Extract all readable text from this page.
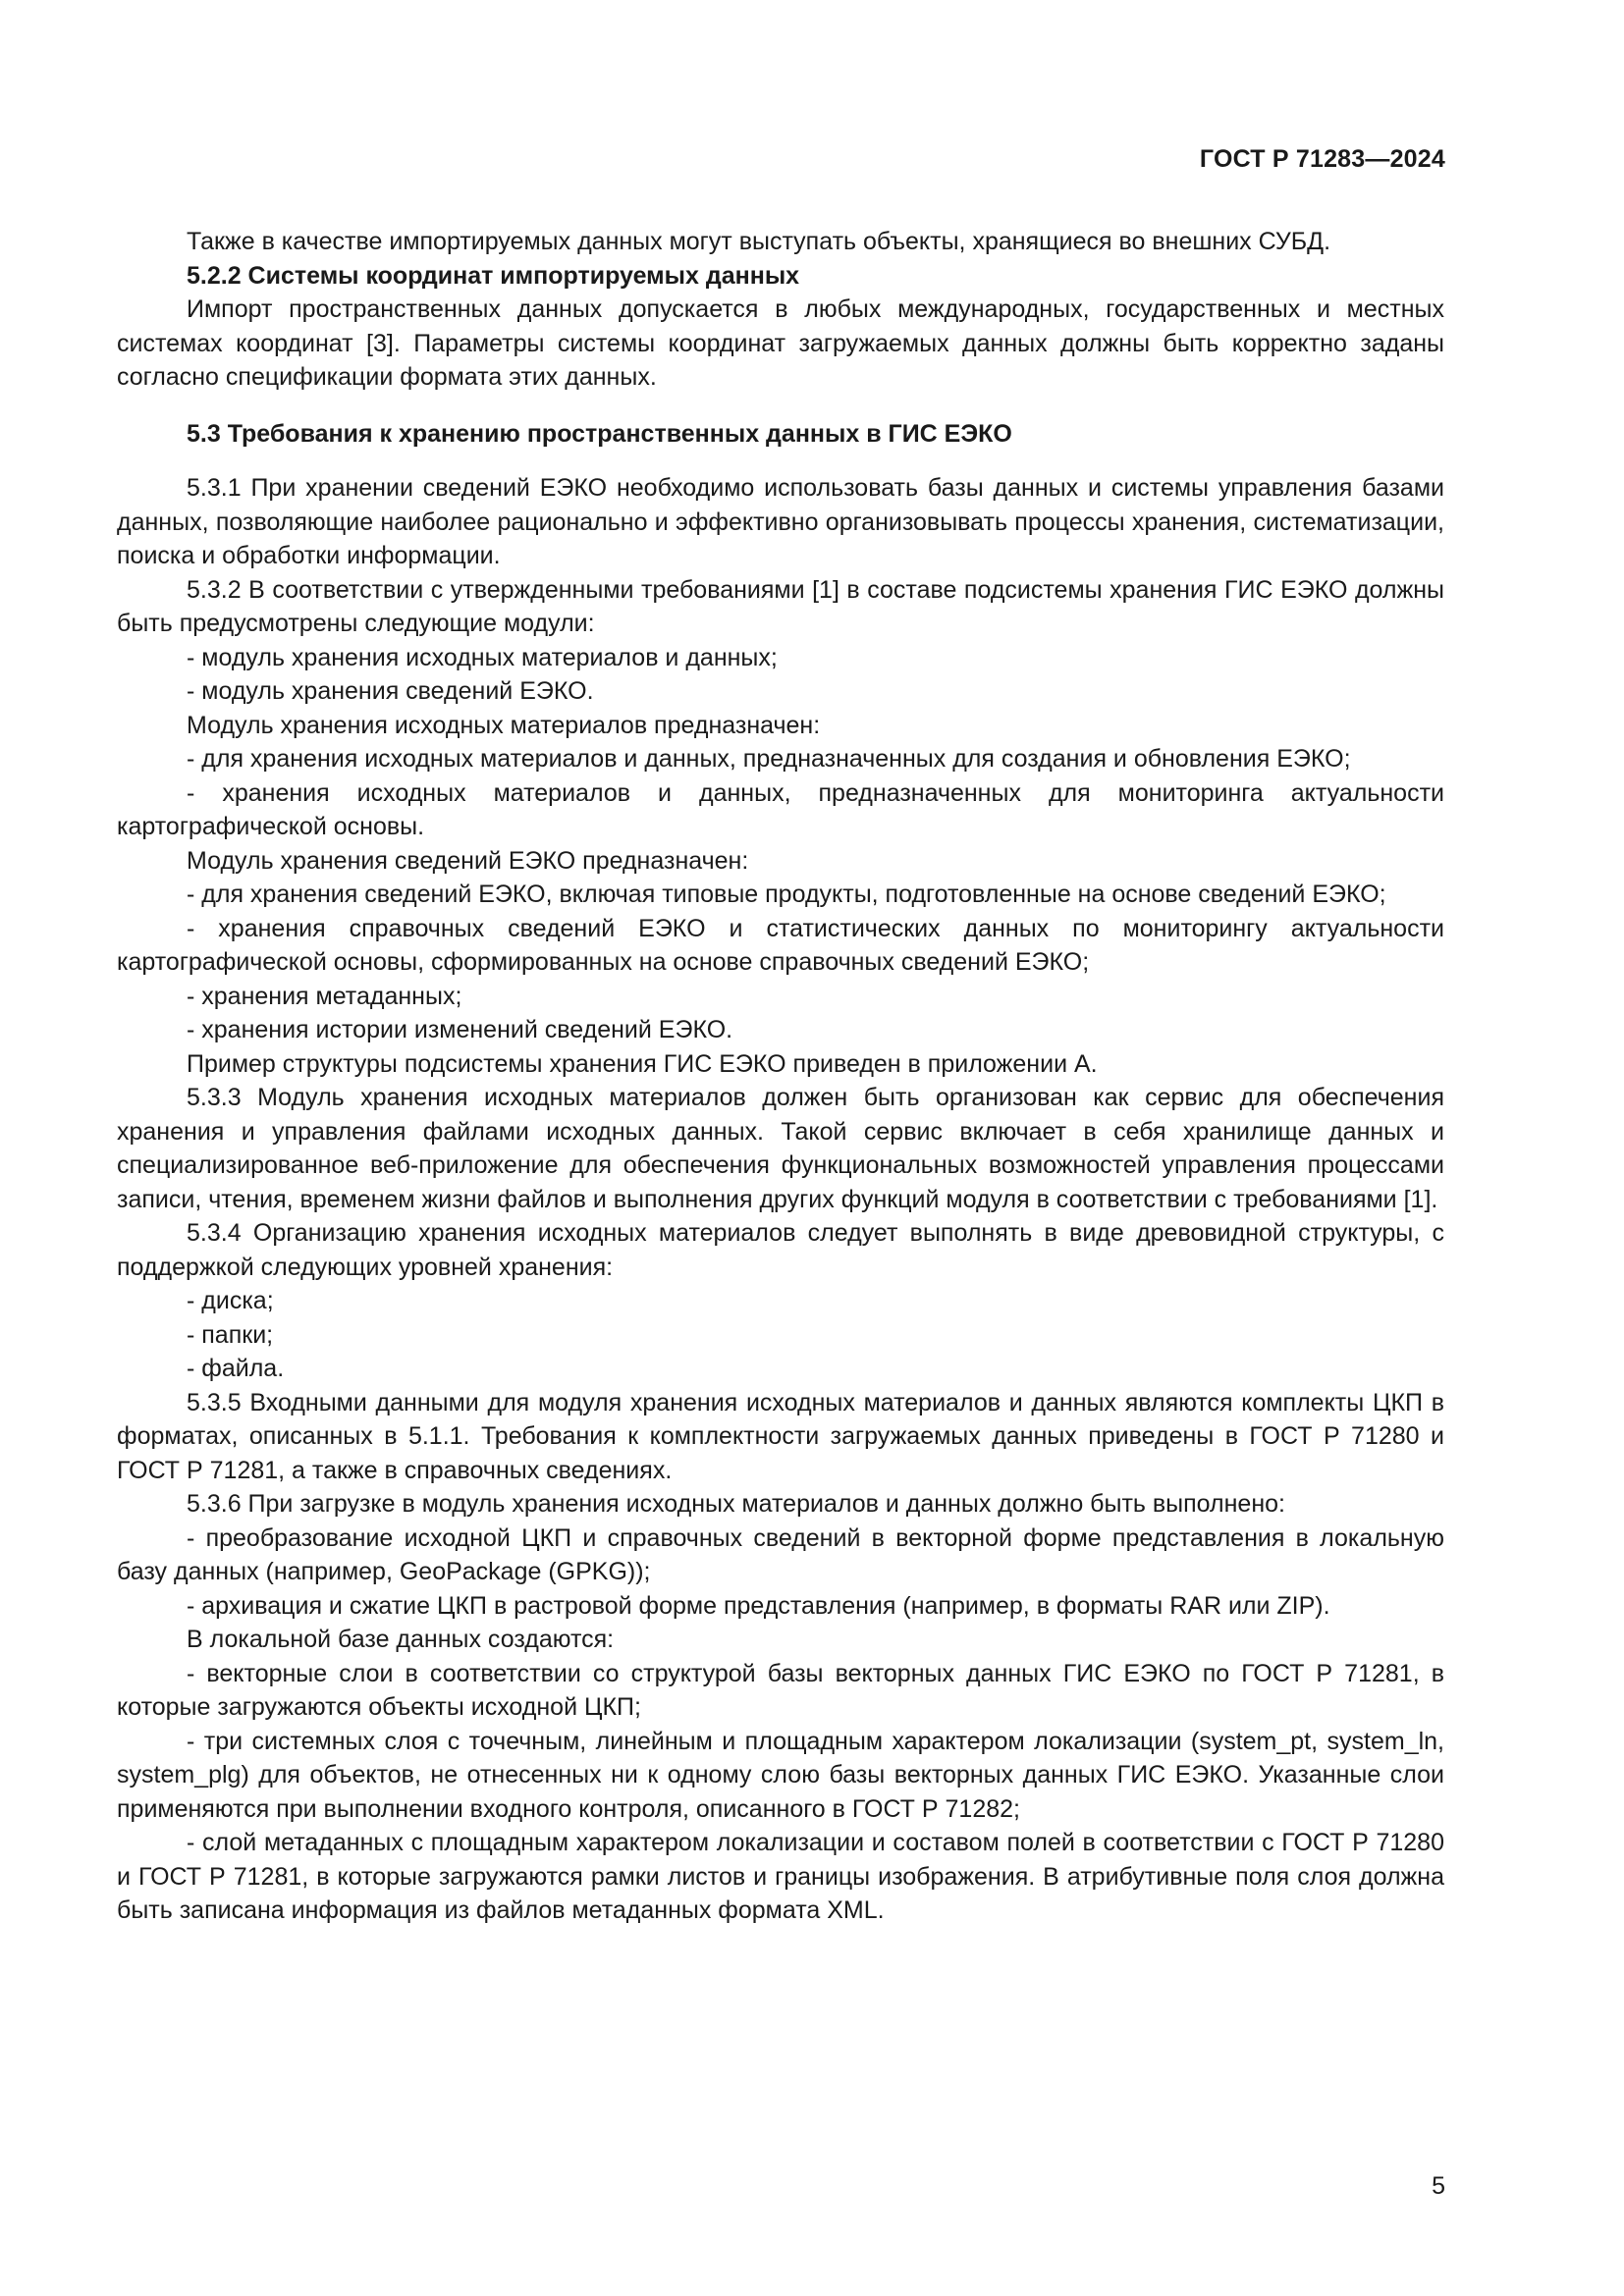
ГОСТ Р 71283—2024

Также в качестве импортируемых данных могут выступать объекты, хранящиеся во внешних СУБД.

5.2.2 Системы координат импортируемых данных

Импорт пространственных данных допускается в любых международных, государственных и местных системах координат [3]. Параметры системы координат загружаемых данных должны быть корректно заданы согласно спецификации формата этих данных.

5.3 Требования к хранению пространственных данных в ГИС ЕЭКО

5.3.1 При хранении сведений ЕЭКО необходимо использовать базы данных и системы управления базами данных, позволяющие наиболее рационально и эффективно организовывать процессы хранения, систематизации, поиска и обработки информации.

5.3.2 В соответствии с утвержденными требованиями [1] в составе подсистемы хранения ГИС ЕЭКО должны быть предусмотрены следующие модули:

- модуль хранения исходных материалов и данных;

- модуль хранения сведений ЕЭКО.

Модуль хранения исходных материалов предназначен:

- для хранения исходных материалов и данных, предназначенных для создания и обновления ЕЭКО;

- хранения исходных материалов и данных, предназначенных для мониторинга актуальности картографической основы.

Модуль хранения сведений ЕЭКО предназначен:

- для хранения сведений ЕЭКО, включая типовые продукты, подготовленные на основе сведений ЕЭКО;

- хранения справочных сведений ЕЭКО и статистических данных по мониторингу актуальности картографической основы, сформированных на основе справочных сведений ЕЭКО;

- хранения метаданных;

- хранения истории изменений сведений ЕЭКО.

Пример структуры подсистемы хранения ГИС ЕЭКО приведен в приложении А.

5.3.3 Модуль хранения исходных материалов должен быть организован как сервис для обеспечения хранения и управления файлами исходных данных. Такой сервис включает в себя хранилище данных и специализированное веб-приложение для обеспечения функциональных возможностей управления процессами записи, чтения, временем жизни файлов и выполнения других функций модуля в соответствии с требованиями [1].

5.3.4 Организацию хранения исходных материалов следует выполнять в виде древовидной структуры, с поддержкой следующих уровней хранения:

- диска;

- папки;

- файла.

5.3.5 Входными данными для модуля хранения исходных материалов и данных являются комплекты ЦКП в форматах, описанных в 5.1.1. Требования к комплектности загружаемых данных приведены в ГОСТ Р 71280 и ГОСТ Р 71281, а также в справочных сведениях.

5.3.6 При загрузке в модуль хранения исходных материалов и данных должно быть выполнено:

- преобразование исходной ЦКП и справочных сведений в векторной форме представления в локальную базу данных (например, GeoPackage (GPKG));

- архивация и сжатие ЦКП в растровой форме представления (например, в форматы RAR или ZIP).

В локальной базе данных создаются:

- векторные слои в соответствии со структурой базы векторных данных ГИС ЕЭКО по ГОСТ Р 71281, в которые загружаются объекты исходной ЦКП;

- три системных слоя с точечным, линейным и площадным характером локализации (system_pt, system_ln, system_plg) для объектов, не отнесенных ни к одному слою базы векторных данных ГИС ЕЭКО. Указанные слои применяются при выполнении входного контроля, описанного в ГОСТ Р 71282;

- слой метаданных с площадным характером локализации и составом полей в соответствии с ГОСТ Р 71280 и ГОСТ Р 71281, в которые загружаются рамки листов и границы изображения. В атрибутивные поля слоя должна быть записана информация из файлов метаданных формата XML.

5
